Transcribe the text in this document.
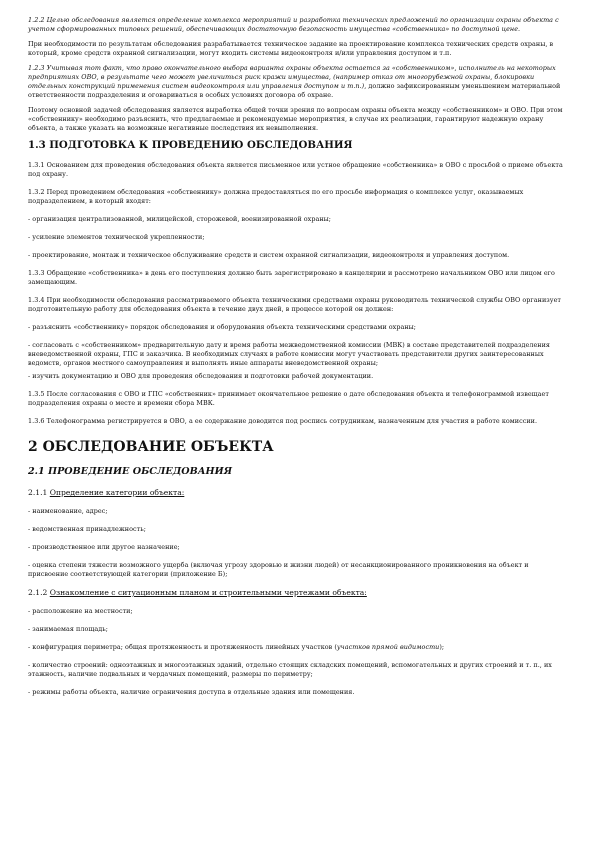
1.2.2 Целью обследования является определение комплекса мероприятий и разработка технических предложений по организации охраны объекта с учетом сформированных типовых решений, обеспечивающих достаточную безопасность имущества «собственника» по доступной цене.

При необходимости по результатам обследования разрабатывается техническое задание на проектирование комплекса технических средств охраны, в который, кроме средств охранной сигнализации, могут входить системы видеоконтроля и/или управления доступом и т.п.

1.2.3 Учитывая тот факт, что право окончательного выбора варианта охраны объекта остается за «собственником», исполнитель на некоторых предприятиях ОВО, в результате чего может увеличиться риск кражи имущества, (например отказ от многорубежной охраны, блокировки отдельных конструкций применения систем видеоконтроля или управления доступом и т.п.), должно зафиксированным уменьшением материальной ответственности подразделения и оговариваться в особых условиях договора об охране.

Поэтому основной задачей обследования является выработка общей точки зрения по вопросам охраны объекта между «собственником» и ОВО. При этом «собственнику» необходимо разъяснить, что предлагаемые и рекомендуемые мероприятия, в случае их реализации, гарантируют надежную охрану объекта, а также указать на возможные негативные последствия их невыполнения.

1.3 ПОДГОТОВКА К ПРОВЕДЕНИЮ ОБСЛЕДОВАНИЯ

1.3.1 Основанием для проведения обследования объекта является письменное или устное обращение «собственника» в ОВО с просьбой о приеме объекта под охрану.

1.3.2 Перед проведением обследования «собственнику» должна предоставляться по его просьбе информация о комплексе услуг, оказываемых подразделением, в который входят:

- организация централизованной, милицейской, сторожевой, военизированной охраны;

- усиление элементов технической укрепленности;

- проектирование, монтаж и техническое обслуживание средств и систем охранной сигнализации, видеоконтроля и управления доступом.

1.3.3 Обращение «собственника» в день его поступления должно быть зарегистрировано в канцелярии и рассмотрено начальником ОВО или лицом его замещающим.

1.3.4 При необходимости обследования рассматриваемого объекта техническими средствами охраны руководитель технической службы ОВО организует подготовительную работу для обследования объекта в течение двух дней, в процессе которой он должен:

- разъяснить «собственнику» порядок обследования и оборудования объекта техническими средствами охраны;

- согласовать с «собственником» предварительную дату и время работы межведомственной комиссии (МВК) в составе представителей подразделения вневедомственной охраны, ГПС и заказчика. В необходимых случаях в работе комиссии могут участвовать представители других заинтересованных ведомств, органов местного самоуправления и выполнять иные аппараты вневедомственной охраны;

- изучить документацию и ОВО для проведения обследования и подготовки рабочей документации.

1.3.5 После согласования с ОВО и ГПС «собственник» принимает окончательное решение о дате обследования объекта и телефонограммой извещает подразделения охраны о месте и времени сбора МВК.

1.3.6 Телефонограмма регистрируется в ОВО, а ее содержание доводится под роспись сотрудникам, назначенным для участия в работе комиссии.

2 ОБСЛЕДОВАНИЕ ОБЪЕКТА
2.1 ПРОВЕДЕНИЕ ОБСЛЕДОВАНИЯ
2.1.1 Определение категории объекта:

- наименование, адрес;

- ведомственная принадлежность;

- производственное или другое назначение;

- оценка степени тяжести возможного ущерба (включая угрозу здоровью и жизни людей) от несанкционированного проникновения на объект и присвоение соответствующей категории (приложение Б);

2.1.2 Ознакомление с ситуационным планом и строительными чертежами объекта:

- расположение на местности;

- занимаемая площадь;

- конфигурация периметра; общая протяженность и протяженность линейных участков (участков прямой видимости);

- количество строений: одноэтажных и многоэтажных зданий, отдельно стоящих складских помещений, вспомогательных и других строений и т. п., их этажность, наличие подвальных и чердачных помещений, размеры по периметру;

- режимы работы объекта, наличие ограничения доступа в отдельные здания или помещения.
